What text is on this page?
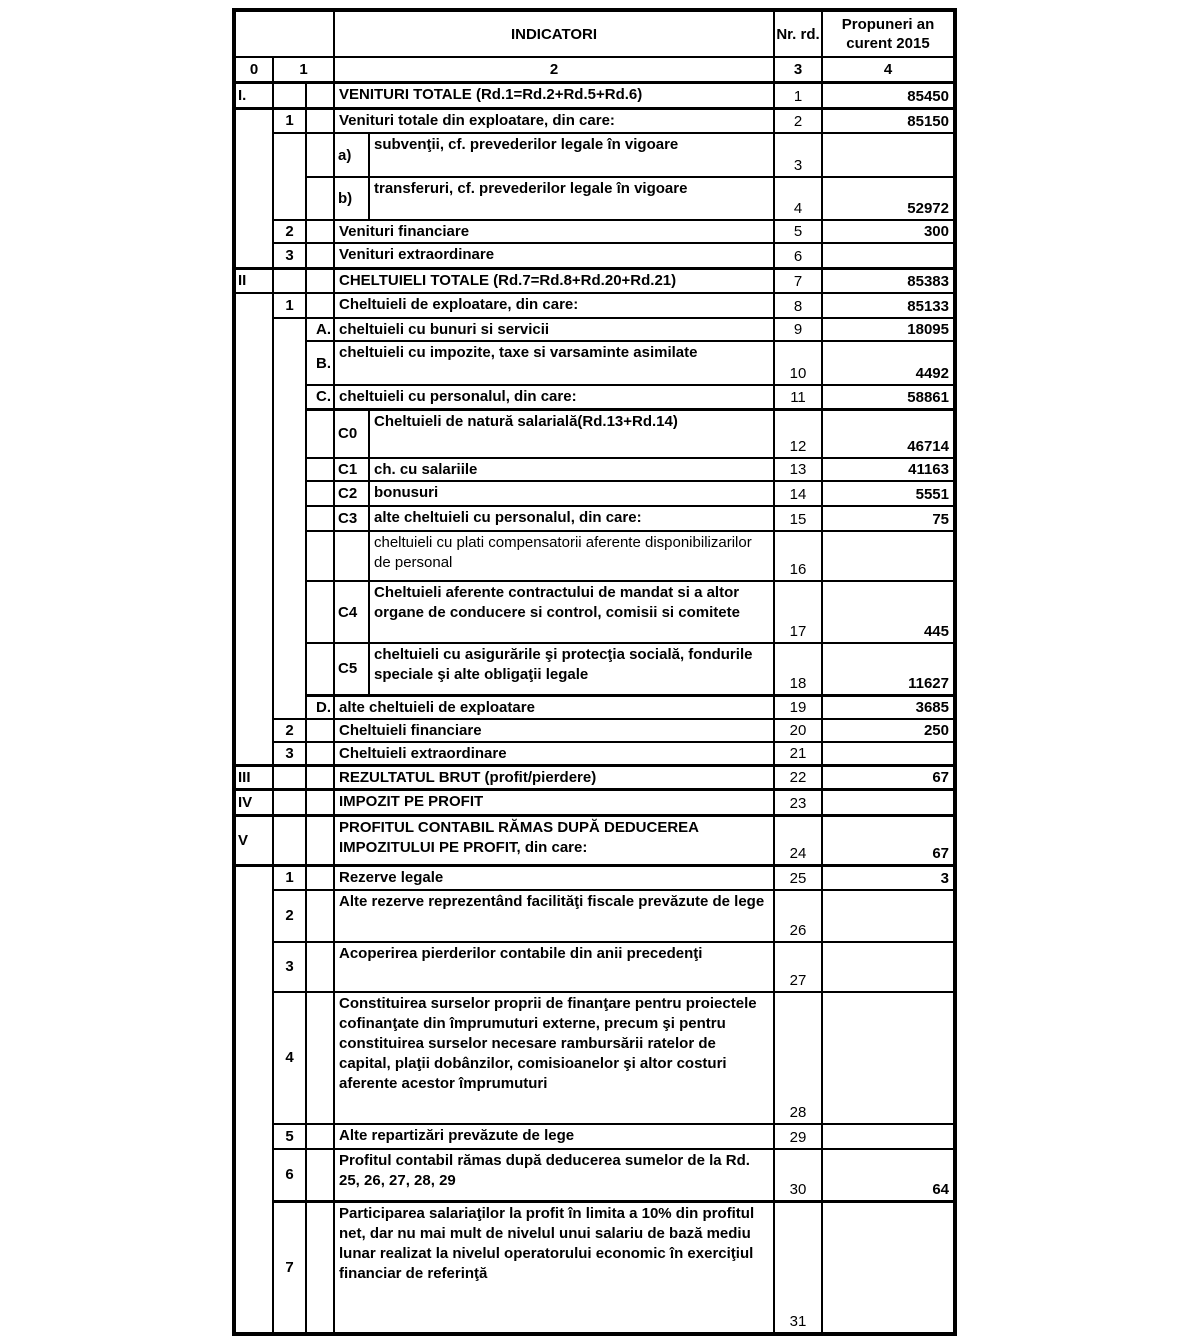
			INDICATORI		Nr. rd.	Propuneri an curent 2015
0	1		2		3	4
I.			VENITURI TOTALE (Rd.1=Rd.2+Rd.5+Rd.6)		1	85450
	1		Venituri totale din exploatare, din care:		2	85150
			a)	subvenţii, cf. prevederilor legale în vigoare	3	
			b)	transferuri, cf. prevederilor legale în vigoare	4	52972
	2		Venituri financiare		5	300
	3		Venituri extraordinare		6	
II			CHELTUIELI TOTALE (Rd.7=Rd.8+Rd.20+Rd.21)		7	85383
	1		Cheltuieli de exploatare, din care:		8	85133
		A.	cheltuieli cu bunuri si servicii		9	18095
		B.	cheltuieli cu impozite, taxe si varsaminte asimilate		10	4492
		C.	cheltuieli cu personalul, din care:		11	58861
			C0	Cheltuieli de natură salarială(Rd.13+Rd.14)	12	46714
			C1	ch. cu salariile	13	41163
			C2	bonusuri	14	5551
			C3	alte cheltuieli cu personalul, din care:	15	75
				cheltuieli cu plati compensatorii aferente disponibilizarilor de personal	16	
			C4	Cheltuieli aferente contractului de mandat si a altor organe de conducere si control, comisii si comitete	17	445
			C5	cheltuieli cu asigurările şi protecţia socială, fondurile speciale şi alte obligaţii legale	18	11627
		D.	alte cheltuieli de exploatare		19	3685
	2		Cheltuieli financiare		20	250
	3		Cheltuieli extraordinare		21	
III			REZULTATUL BRUT (profit/pierdere)		22	67
IV			IMPOZIT PE PROFIT		23	
V			PROFITUL CONTABIL RĂMAS DUPĂ DEDUCEREA IMPOZITULUI PE PROFIT, din care:		24	67
	1		Rezerve legale		25	3
	2		Alte rezerve reprezentând facilităţi fiscale prevăzute de lege		26	
	3		Acoperirea pierderilor contabile din anii precedenţi		27	
	4		Constituirea surselor proprii de finanţare pentru proiectele cofinanţate din împrumuturi externe, precum şi pentru constituirea surselor necesare rambursării ratelor de capital, plaţii dobânzilor, comisioanelor şi altor costuri aferente acestor împrumuturi		28	
	5		Alte repartizări prevăzute de lege		29	
	6		Profitul contabil rămas după deducerea sumelor de la Rd. 25, 26, 27, 28, 29		30	64
	7		Participarea salariaţilor la profit în limita a 10% din profitul net, dar nu mai mult de nivelul unui salariu de bază mediu lunar realizat la nivelul operatorului economic în exerciţiul financiar de referinţă		31	
